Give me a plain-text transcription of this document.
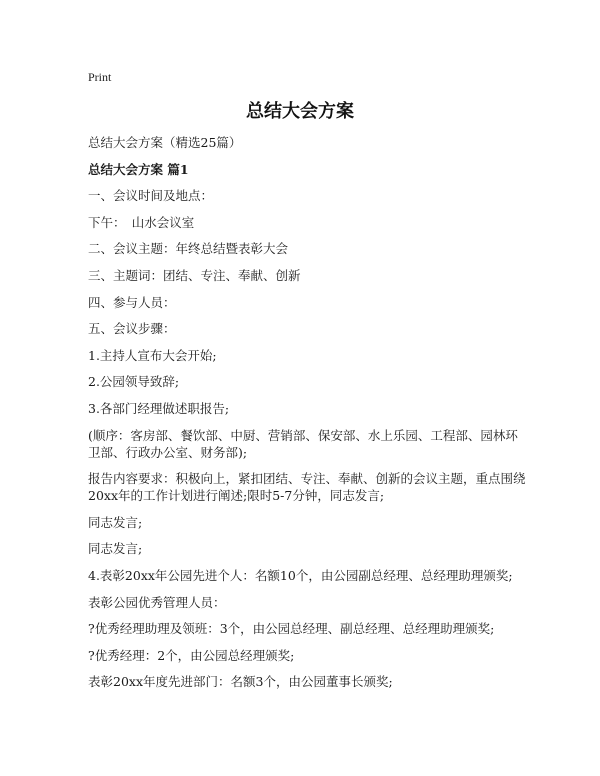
Print
总结大会方案

总结大会方案（精选25篇）

总结大会方案 篇1

一、会议时间及地点：

下午：　山水会议室

二、会议主题：年终总结暨表彰大会

三、主题词：团结、专注、奉献、创新

四、参与人员：

五、会议步骤：

1.主持人宣布大会开始;

2.公园领导致辞;

3.各部门经理做述职报告;

(顺序：客房部、餐饮部、中厨、营销部、保安部、水上乐园、工程部、园林环卫部、行政办公室、财务部);

报告内容要求：积极向上，紧扣团结、专注、奉献、创新的会议主题，重点围绕20xx年的工作计划进行阐述;限时5-7分钟，同志发言;

同志发言;

同志发言;

4.表彰20xx年公园先进个人：名额10个，由公园副总经理、总经理助理颁奖;

表彰公园优秀管理人员：

?优秀经理助理及领班：3个，由公园总经理、副总经理、总经理助理颁奖;

?优秀经理：2个，由公园总经理颁奖;

表彰20xx年度先进部门：名额3个，由公园董事长颁奖;
